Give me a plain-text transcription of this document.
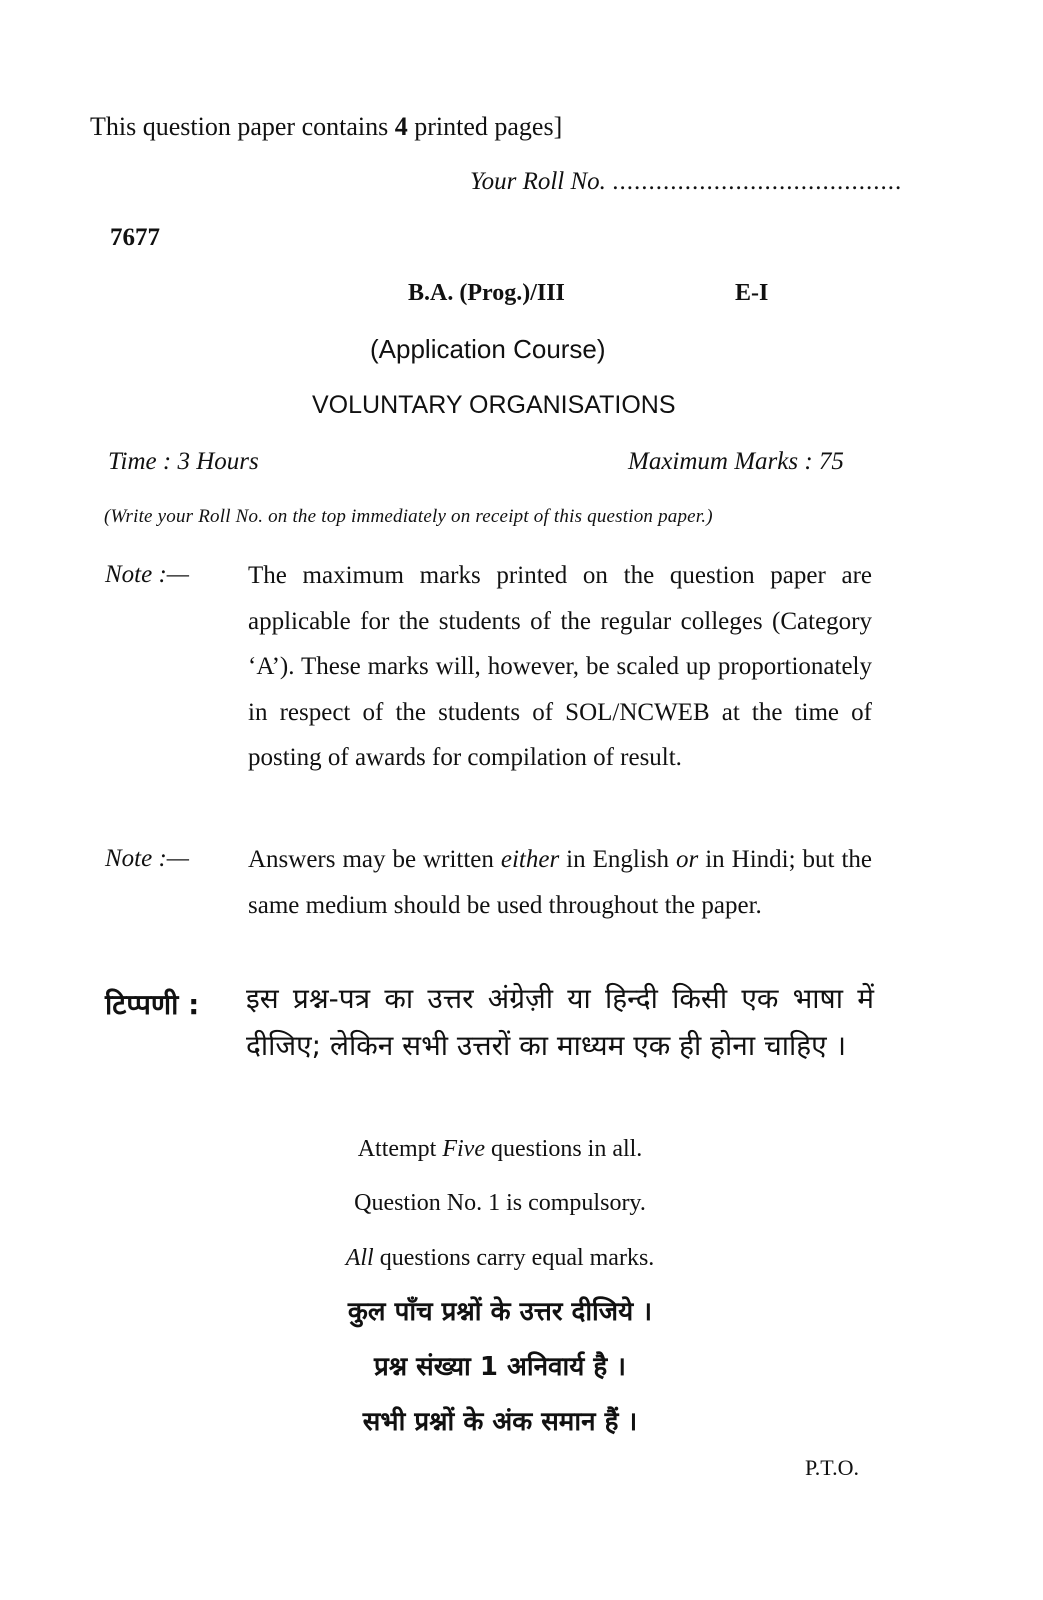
This question paper contains 4 printed pages]
Your Roll No. ........................................
7677
B.A. (Prog.)/III	E-I
(Application Course)
VOLUNTARY ORGANISATIONS
Time : 3 Hours	Maximum Marks : 75
(Write your Roll No. on the top immediately on receipt of this question paper.)
Note :— The maximum marks printed on the question paper are applicable for the students of the regular colleges (Category ‘A’). These marks will, however, be scaled up proportionately in respect of the students of SOL/NCWEB at the time of posting of awards for compilation of result.
Note :— Answers may be written either in English or in Hindi; but the same medium should be used throughout the paper.
टिप्पणी : इस प्रश्न-पत्र का उत्तर अंग्रेज़ी या हिन्दी किसी एक भाषा में दीजिए; लेकिन सभी उत्तरों का माध्यम एक ही होना चाहिए ।
Attempt Five questions in all.
Question No. 1 is compulsory.
All questions carry equal marks.
कुल पाँच प्रश्नों के उत्तर दीजिये ।
प्रश्न संख्या 1 अनिवार्य है ।
सभी प्रश्नों के अंक समान हैं ।
P.T.O.
